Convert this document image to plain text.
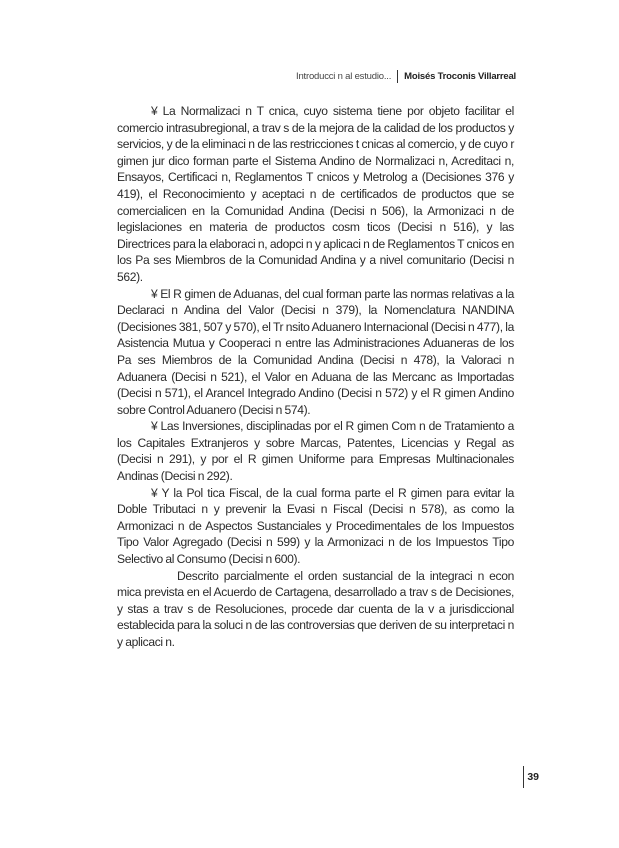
Introducci n al estudio... Moisés Troconis Villarreal

¥ La Normalizaci n T cnica, cuyo sistema tiene por objeto facilitar el comercio intrasubregional, a trav s de la mejora de la calidad de los productos y servicios, y de la eliminaci n de las restricciones t cnicas al comercio, y de cuyo r gimen jur dico forman parte el Sistema Andino de Normalizaci n, Acreditaci n, Ensayos, Certificaci n, Reglamentos T cnicos y Metrolog a (Decisiones 376 y 419), el Reconocimiento y aceptaci n de certificados de productos que se comercialicen en la Comunidad Andina (Decisi n 506), la Armonizaci n de legislaciones en materia de productos cosm ticos (Decisi n 516), y las Directrices para la elaboraci n, adopci n y aplicaci n de Reglamentos T cnicos en los Pa ses Miembros de la Comunidad Andina y a nivel comunitario (Decisi n 562).

¥ El R gimen de Aduanas, del cual forman parte las normas relativas a la Declaraci n Andina del Valor (Decisi n 379), la Nomenclatura NANDINA (Decisiones 381, 507 y 570), el Tr nsito Aduanero Internacional (Decisi n 477), la Asistencia Mutua y Cooperaci n entre las Administraciones Aduaneras de los Pa ses Miembros de la Comunidad Andina (Decisi n 478), la Valoraci n Aduanera (Decisi n 521), el Valor en Aduana de las Mercanc as Importadas (Decisi n 571), el Arancel Integrado Andino (Decisi n 572) y el R gimen Andino sobre Control Aduanero (Decisi n 574).

¥ Las Inversiones, disciplinadas por el R gimen Com n de Tratamiento a los Capitales Extranjeros y sobre Marcas, Patentes, Licencias y Regal as (Decisi n 291), y por el R gimen Uniforme para Empresas Multinacionales Andinas (Decisi n 292).

¥ Y la Pol tica Fiscal, de la cual forma parte el R gimen para evitar la Doble Tributaci n y prevenir la Evasi n Fiscal (Decisi n 578), as como la Armonizaci n de Aspectos Sustanciales y Procedimentales de los Impuestos Tipo Valor Agregado (Decisi n 599) y la Armonizaci n de los Impuestos Tipo Selectivo al Consumo (Decisi n 600).

Descrito parcialmente el orden sustancial de la integraci n econ mica prevista en el Acuerdo de Cartagena, desarrollado a trav s de Decisiones, y stas a trav s de Resoluciones, procede dar cuenta de la v a jurisdiccional establecida para la soluci n de las controversias que deriven de su interpretaci n y aplicaci n.

39
